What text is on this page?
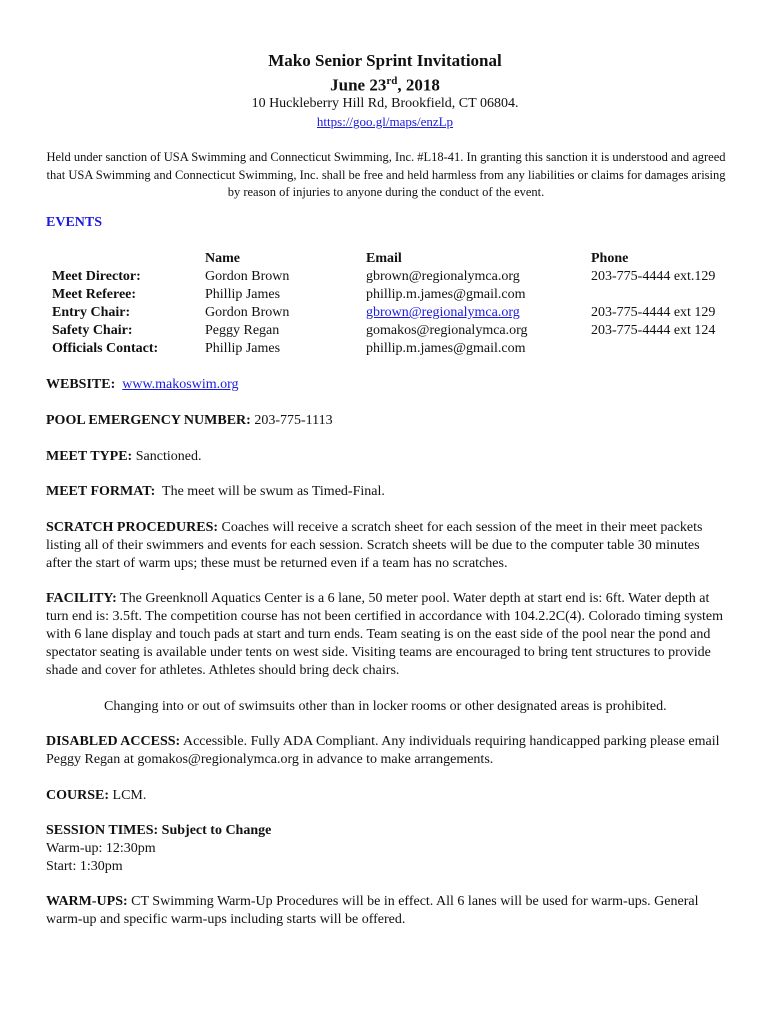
Mako Senior Sprint Invitational
June 23rd, 2018
10 Huckleberry Hill Rd, Brookfield, CT 06804.
https://goo.gl/maps/enzLp
Held under sanction of USA Swimming and Connecticut Swimming, Inc. #L18-41. In granting this sanction it is understood and agreed that USA Swimming and Connecticut Swimming, Inc. shall be free and held harmless from any liabilities or claims for damages arising by reason of injuries to anyone during the conduct of the event.
EVENTS
Meet Director:
Meet Referee:
Entry Chair:
Safety Chair:
Officials Contact:
Name
Gordon Brown
Phillip James
Gordon Brown
Peggy Regan
Phillip James
Email
gbrown@regionalymca.org
phillip.m.james@gmail.com
gbrown@regionalymca.org
gomakos@regionalymca.org
phillip.m.james@gmail.com
Phone
203-775-4444 ext.129
203-775-4444 ext 129
203-775-4444 ext 124
WEBSITE: www.makoswim.org
POOL EMERGENCY NUMBER: 203-775-1113
MEET TYPE: Sanctioned.
MEET FORMAT: The meet will be swum as Timed-Final.
SCRATCH PROCEDURES: Coaches will receive a scratch sheet for each session of the meet in their meet packets listing all of their swimmers and events for each session. Scratch sheets will be due to the computer table 30 minutes after the start of warm ups; these must be returned even if a team has no scratches.
FACILITY: The Greenknoll Aquatics Center is a 6 lane, 50 meter pool. Water depth at start end is: 6ft. Water depth at turn end is: 3.5ft. The competition course has not been certified in accordance with 104.2.2C(4). Colorado timing system with 6 lane display and touch pads at start and turn ends. Team seating is on the east side of the pool near the pond and spectator seating is available under tents on west side. Visiting teams are encouraged to bring tent structures to provide shade and cover for athletes. Athletes should bring deck chairs.
Changing into or out of swimsuits other than in locker rooms or other designated areas is prohibited.
DISABLED ACCESS: Accessible. Fully ADA Compliant. Any individuals requiring handicapped parking please email Peggy Regan at gomakos@regionalymca.org in advance to make arrangements.
COURSE: LCM.
SESSION TIMES: Subject to Change
Warm-up: 12:30pm
Start: 1:30pm
WARM-UPS: CT Swimming Warm-Up Procedures will be in effect. All 6 lanes will be used for warm-ups. General warm-up and specific warm-ups including starts will be offered.
